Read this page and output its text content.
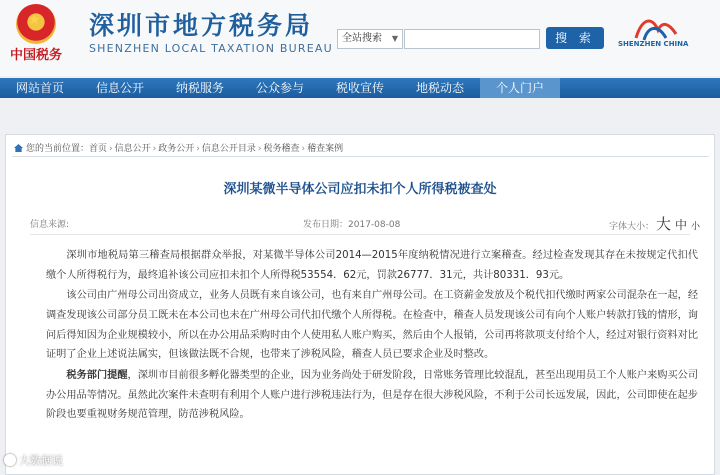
★
中国税务
深圳市地方税务局
SHENZHEN LOCAL TAXATION BUREAU
全站搜索 ▼	搜 索	SHENZHEN CHINA
网站首页	信息公开	纳税服务	公众参与	税收宣传	地税动态	个人门户
您的当前位置：首页 › 信息公开 › 政务公开 › 信息公开目录 › 税务稽查 › 稽查案例
深圳某微半导体公司应扣未扣个人所得税被查处
信息来源:	发布日期：2017-08-08	字体大小： 大 中 小

深圳市地税局第三稽查局根据群众举报，对某微半导体公司2014—2015年度纳税情况进行立案稽查。经过检查发现其存在未按规定代扣代缴个人所得税行为，最终追补该公司应扣未扣个人所得税53554．62元，罚款26777．31元，共计80331．93元。

该公司由广州母公司出资成立，业务人员既有来自该公司，也有来自广州母公司。在工资薪金发放及个税代扣代缴时两家公司混杂在一起，经调查发现该公司部分员工既未在本公司也未在广州母公司代扣代缴个人所得税。在检查中，稽查人员发现该公司有向个人账户转款打钱的情形，询问后得知因为企业规模较小，所以在办公用品采购时由个人使用私人账户购买，然后由个人报销，公司再将款项支付给个人，经过对银行资料对比证明了企业上述说法属实，但该做法既不合规，也带来了涉税风险，稽查人员已要求企业及时整改。

税务部门提醒，深圳市目前很多孵化器类型的企业，因为业务尚处于研发阶段，日常账务管理比较混乱，甚至出现用员工个人账户来购买公司办公用品等情况。虽然此次案件未查明有利用个人账户进行涉税违法行为，但是存在很大涉税风险，不利于公司长远发展，因此，公司即使在起步阶段也要重视财务规范管理，防范涉税风险。

大数据说
